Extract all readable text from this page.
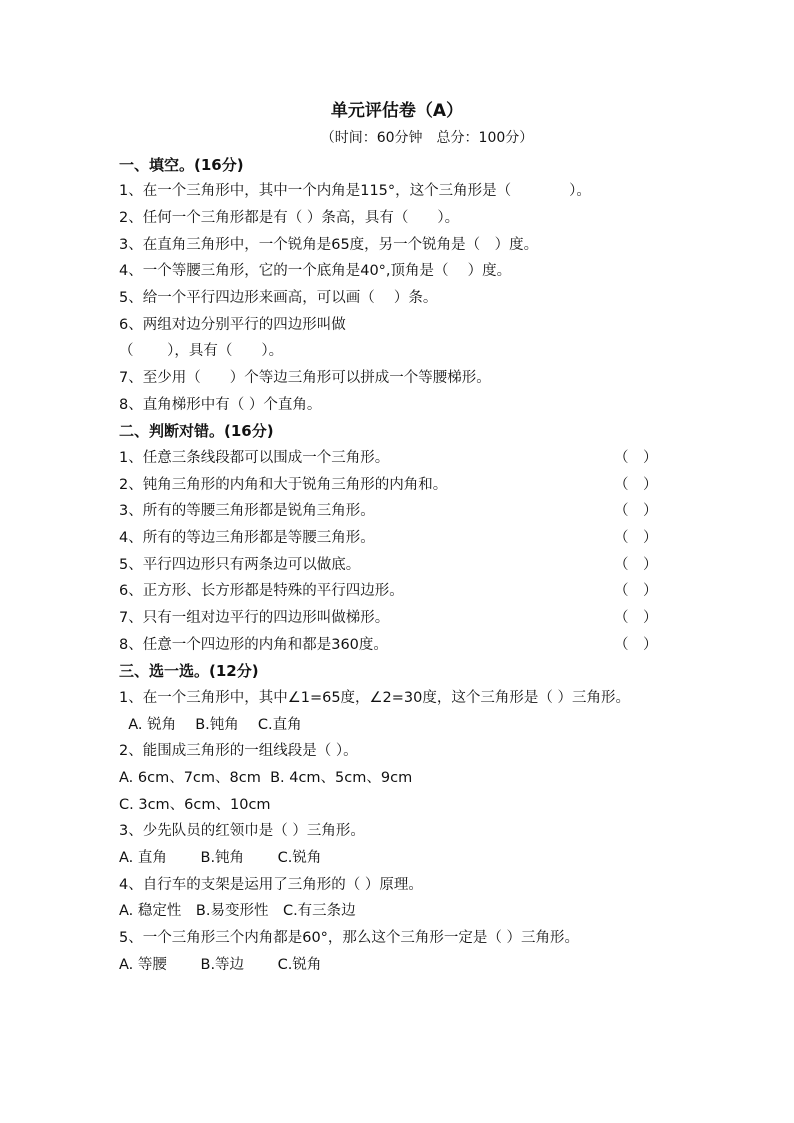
单元评估卷（A）
（时间：60分钟　总分：100分）
一、填空。(16分)
1、在一个三角形中，其中一个内角是115°，这个三角形是（　　　　）。
2、任何一个三角形都是有（ ）条高，具有（　　）。
3、在直角三角形中，一个锐角是65度，另一个锐角是（　）度。
4、一个等腰三角形，它的一个底角是40°,顶角是（　 ）度。
5、给一个平行四边形来画高，可以画（　 ）条。
6、两组对边分别平行的四边形叫做
（　　 ），具有（　　）。
7、至少用（　　）个等边三角形可以拼成一个等腰梯形。
8、直角梯形中有（ ）个直角。
二、判断对错。(16分)
1、任意三条线段都可以围成一个三角形。	（　）
2、钝角三角形的内角和大于锐角三角形的内角和。	（　）
3、所有的等腰三角形都是锐角三角形。	（　）
4、所有的等边三角形都是等腰三角形。	（　）
5、平行四边形只有两条边可以做底。	（　）
6、正方形、长方形都是特殊的平行四边形。	（　）
7、只有一组对边平行的四边形叫做梯形。	（　）
8、任意一个四边形的内角和都是360度。	（　）
三、选一选。(12分)
1、在一个三角形中，其中∠1=65度，∠2=30度，这个三角形是（ ）三角形。
A. 锐角　 B.钝角　 C.直角
2、能围成三角形的一组线段是（ ）。
A. 6cm、7cm、8cm  B. 4cm、5cm、9cm
C. 3cm、6cm、10cm
3、少先队员的红领巾是（ ）三角形。
A. 直角　　 B.钝角　　 C.锐角
4、自行车的支架是运用了三角形的（ ）原理。
A. 稳定性　B.易变形性　C.有三条边
5、一个三角形三个内角都是60°，那么这个三角形一定是（ ）三角形。
A. 等腰　　 B.等边　　 C.锐角
